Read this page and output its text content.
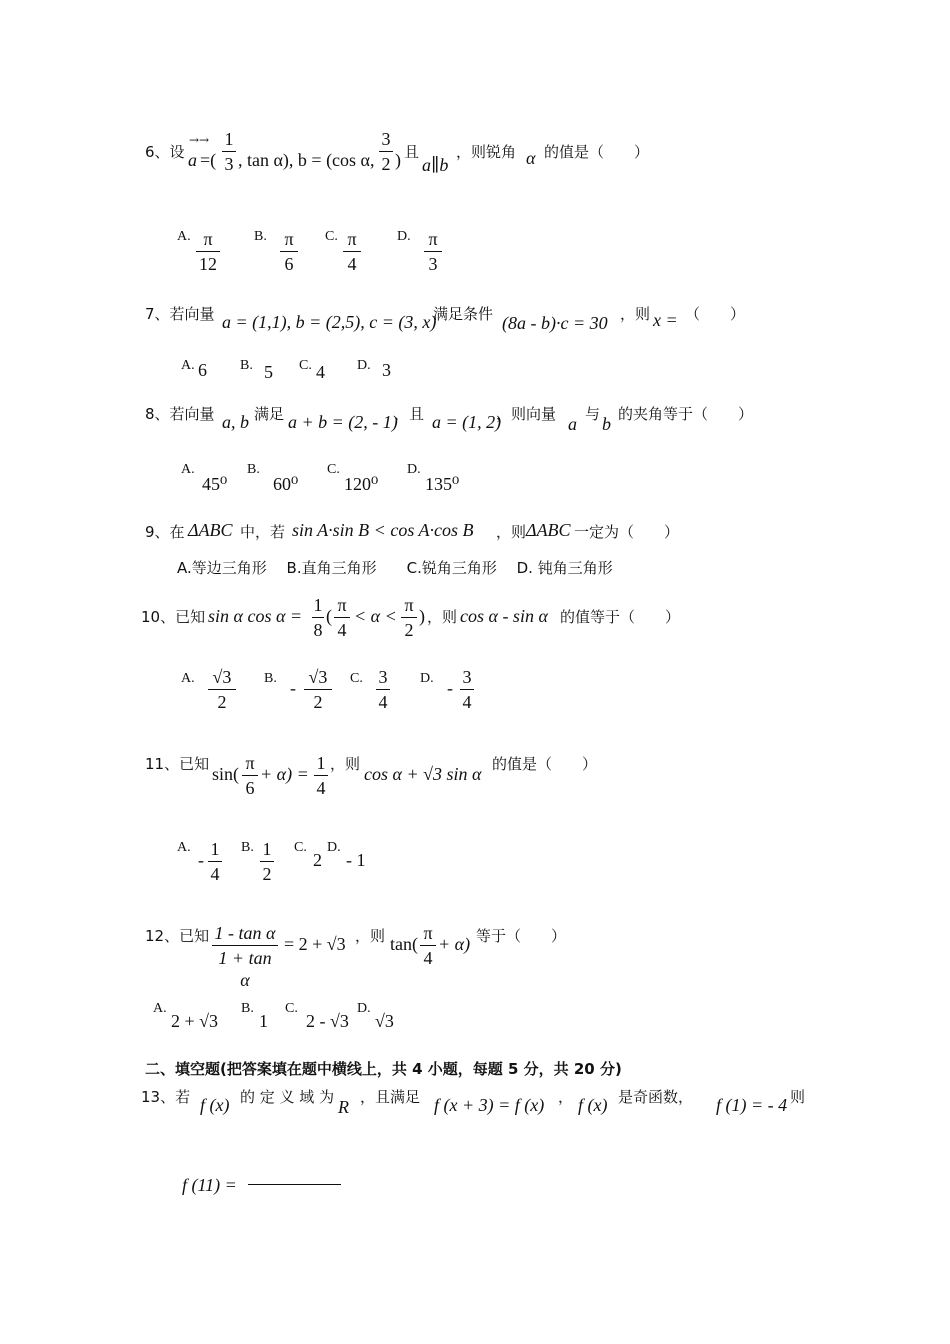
6、设
→→
a =(
1
3 , tan α), b = (cos α,
3
2 ) 且
a∥b
，则锐角 α 的值是（　　）
A. π
12
B. π
6
C. π
4
D. π
3
7、若向量 a = (1,1), b = (2,5), c = (3, x)
满足条件 (8a - b)·c = 30 ，则 x = （　　）
A. 6 B. 5 C. 4 D. 3
8、若向量 a, b 满足 a + b = (2, - 1)
，且 a = (1, 2)
，则向量 a 与 b 的夹角等于（　　）
A.
45⁰
B.
60⁰
C.
120⁰
D.
135⁰
9、在 ΔABC 中，若 sin A·sin B < cos A·cos B ，则 ΔABC 一定为（　　）
A.等边三角形　 B.直角三角形　　C.锐角三角形　 D. 钝角三角形
10、已知 sin α cos α =
1
8
(
π
4
< α <
π
2
) ，则 cos α - sin α 的值等于（　　）
A. √3
2
B. -
√3
2
C. 3
4
D. -
3
4
11、已知 sin(
π
6
+ α) =
1
4
，则 cos α + √3 sin α 的值是（　　）
A.
-
1
4
B. 1
2
C.
2
D.
- 1
12、已知 1 - tan α
1 + tan α
= 2 + √3 ，则 tan(
π
4
+ α) 等于（　　）
A.
2 + √3
B.
1
C.
2 - √3
D.
√3
二、填空题(把答案填在题中横线上，共 4 小题，每题 5 分，共 20 分)
13、若 f (x) 的 定 义 域 为 R ，且满足 f (x + 3) = f (x) ， f (x) 是奇函数， f (1) = - 4 则
f (11) =
